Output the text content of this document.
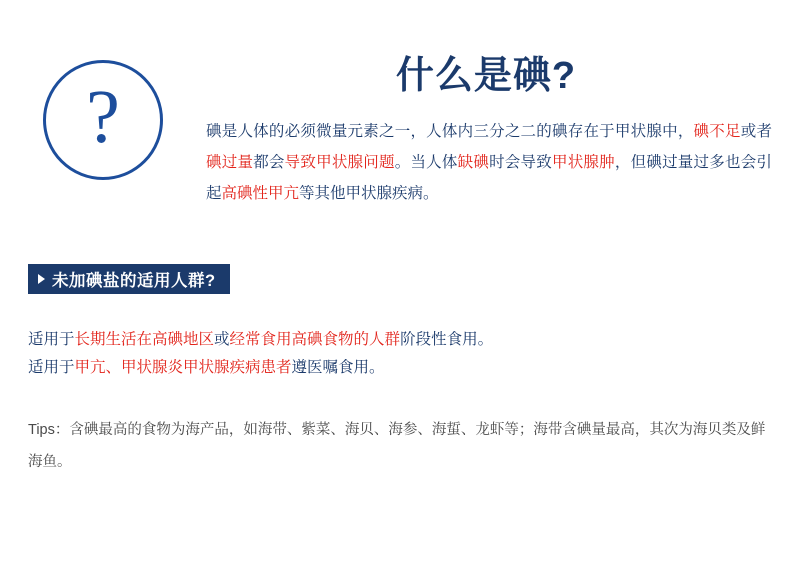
?	什么是碘?
碘是人体的必须微量元素之一，人体内三分之二的碘存在于甲状腺中，碘不足或者碘过量都会导致甲状腺问题。当人体缺碘时会导致甲状腺肿，但碘过量过多也会引起高碘性甲亢等其他甲状腺疾病。
未加碘盐的适用人群?
适用于长期生活在高碘地区或经常食用高碘食物的人群阶段性食用。
适用于甲亢、甲状腺炎甲状腺疾病患者遵医嘱食用。
Tips：含碘最高的食物为海产品，如海带、紫菜、海贝、海参、海蜇、龙虾等；海带含碘量最高，其次为海贝类及鲜海鱼。
